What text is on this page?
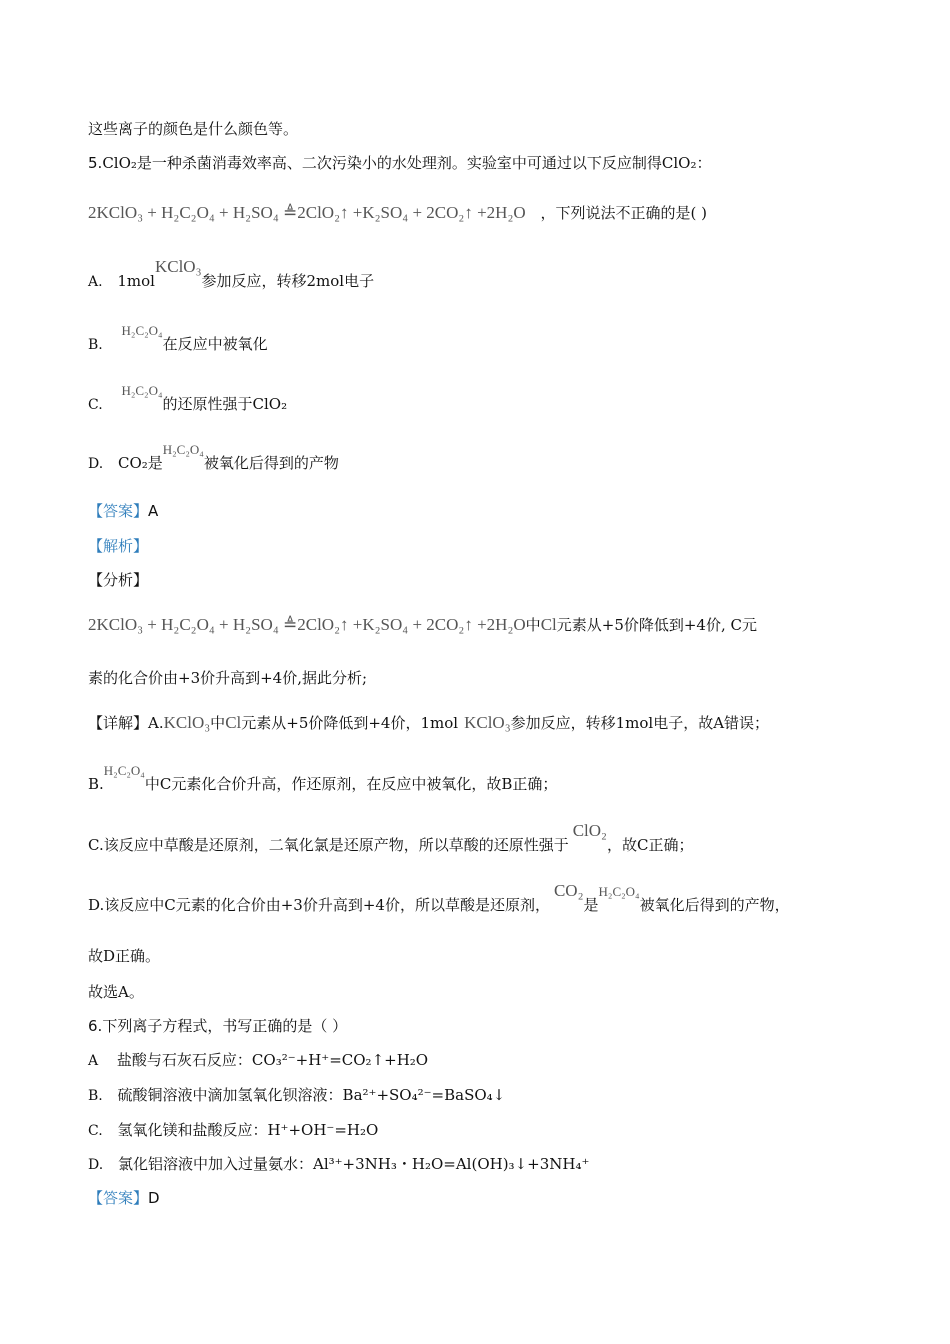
这些离子的颜色是什么颜色等。
5.ClO₂是一种杀菌消毒效率高、二次污染小的水处理剂。实验室中可通过以下反应制得ClO₂：
2KClO₃ + H₂C₂O₄ + H₂SO₄ ≜2ClO₂↑ +K₂SO₄ + 2CO₂↑ +2H₂O ，下列说法不正确的是( )
A. 1molKClO₃参加反应，转移2mol电子
B. H₂C₂O₄在反应中被氧化
C. H₂C₂O₄的还原性强于ClO₂
D. CO₂是H₂C₂O₄被氧化后得到的产物
【答案】A
【解析】
【分析】
2KClO₃ + H₂C₂O₄ + H₂SO₄ ≜2ClO₂↑ +K₂SO₄ + 2CO₂↑ +2H₂O中Cl元素从+5价降低到+4价, C元
素的化合价由+3价升高到+4价,据此分析;
【详解】A.KClO₃中Cl元素从+5价降低到+4价，1mol KClO₃参加反应，转移1mol电子，故A错误；
B.H₂C₂O₄中C元素化合价升高，作还原剂，在反应中被氧化，故B正确；
C.该反应中草酸是还原剂，二氧化氯是还原产物，所以草酸的还原性强于ClO₂，故C正确；
D.该反应中C元素的化合价由+3价升高到+4价，所以草酸是还原剂，CO₂是H₂C₂O₄被氧化后得到的产物，
故D正确。
故选A。
6.下列离子方程式，书写正确的是（ ）
A 盐酸与石灰石反应：CO₃²⁻+H⁺=CO₂↑+H₂O
B. 硫酸铜溶液中滴加氢氧化钡溶液：Ba²⁺+SO₄²⁻=BaSO₄↓
C. 氢氧化镁和盐酸反应：H⁺+OH⁻=H₂O
D. 氯化铝溶液中加入过量氨水：Al³⁺+3NH₃・H₂O=Al(OH)₃↓+3NH₄⁺
【答案】D
